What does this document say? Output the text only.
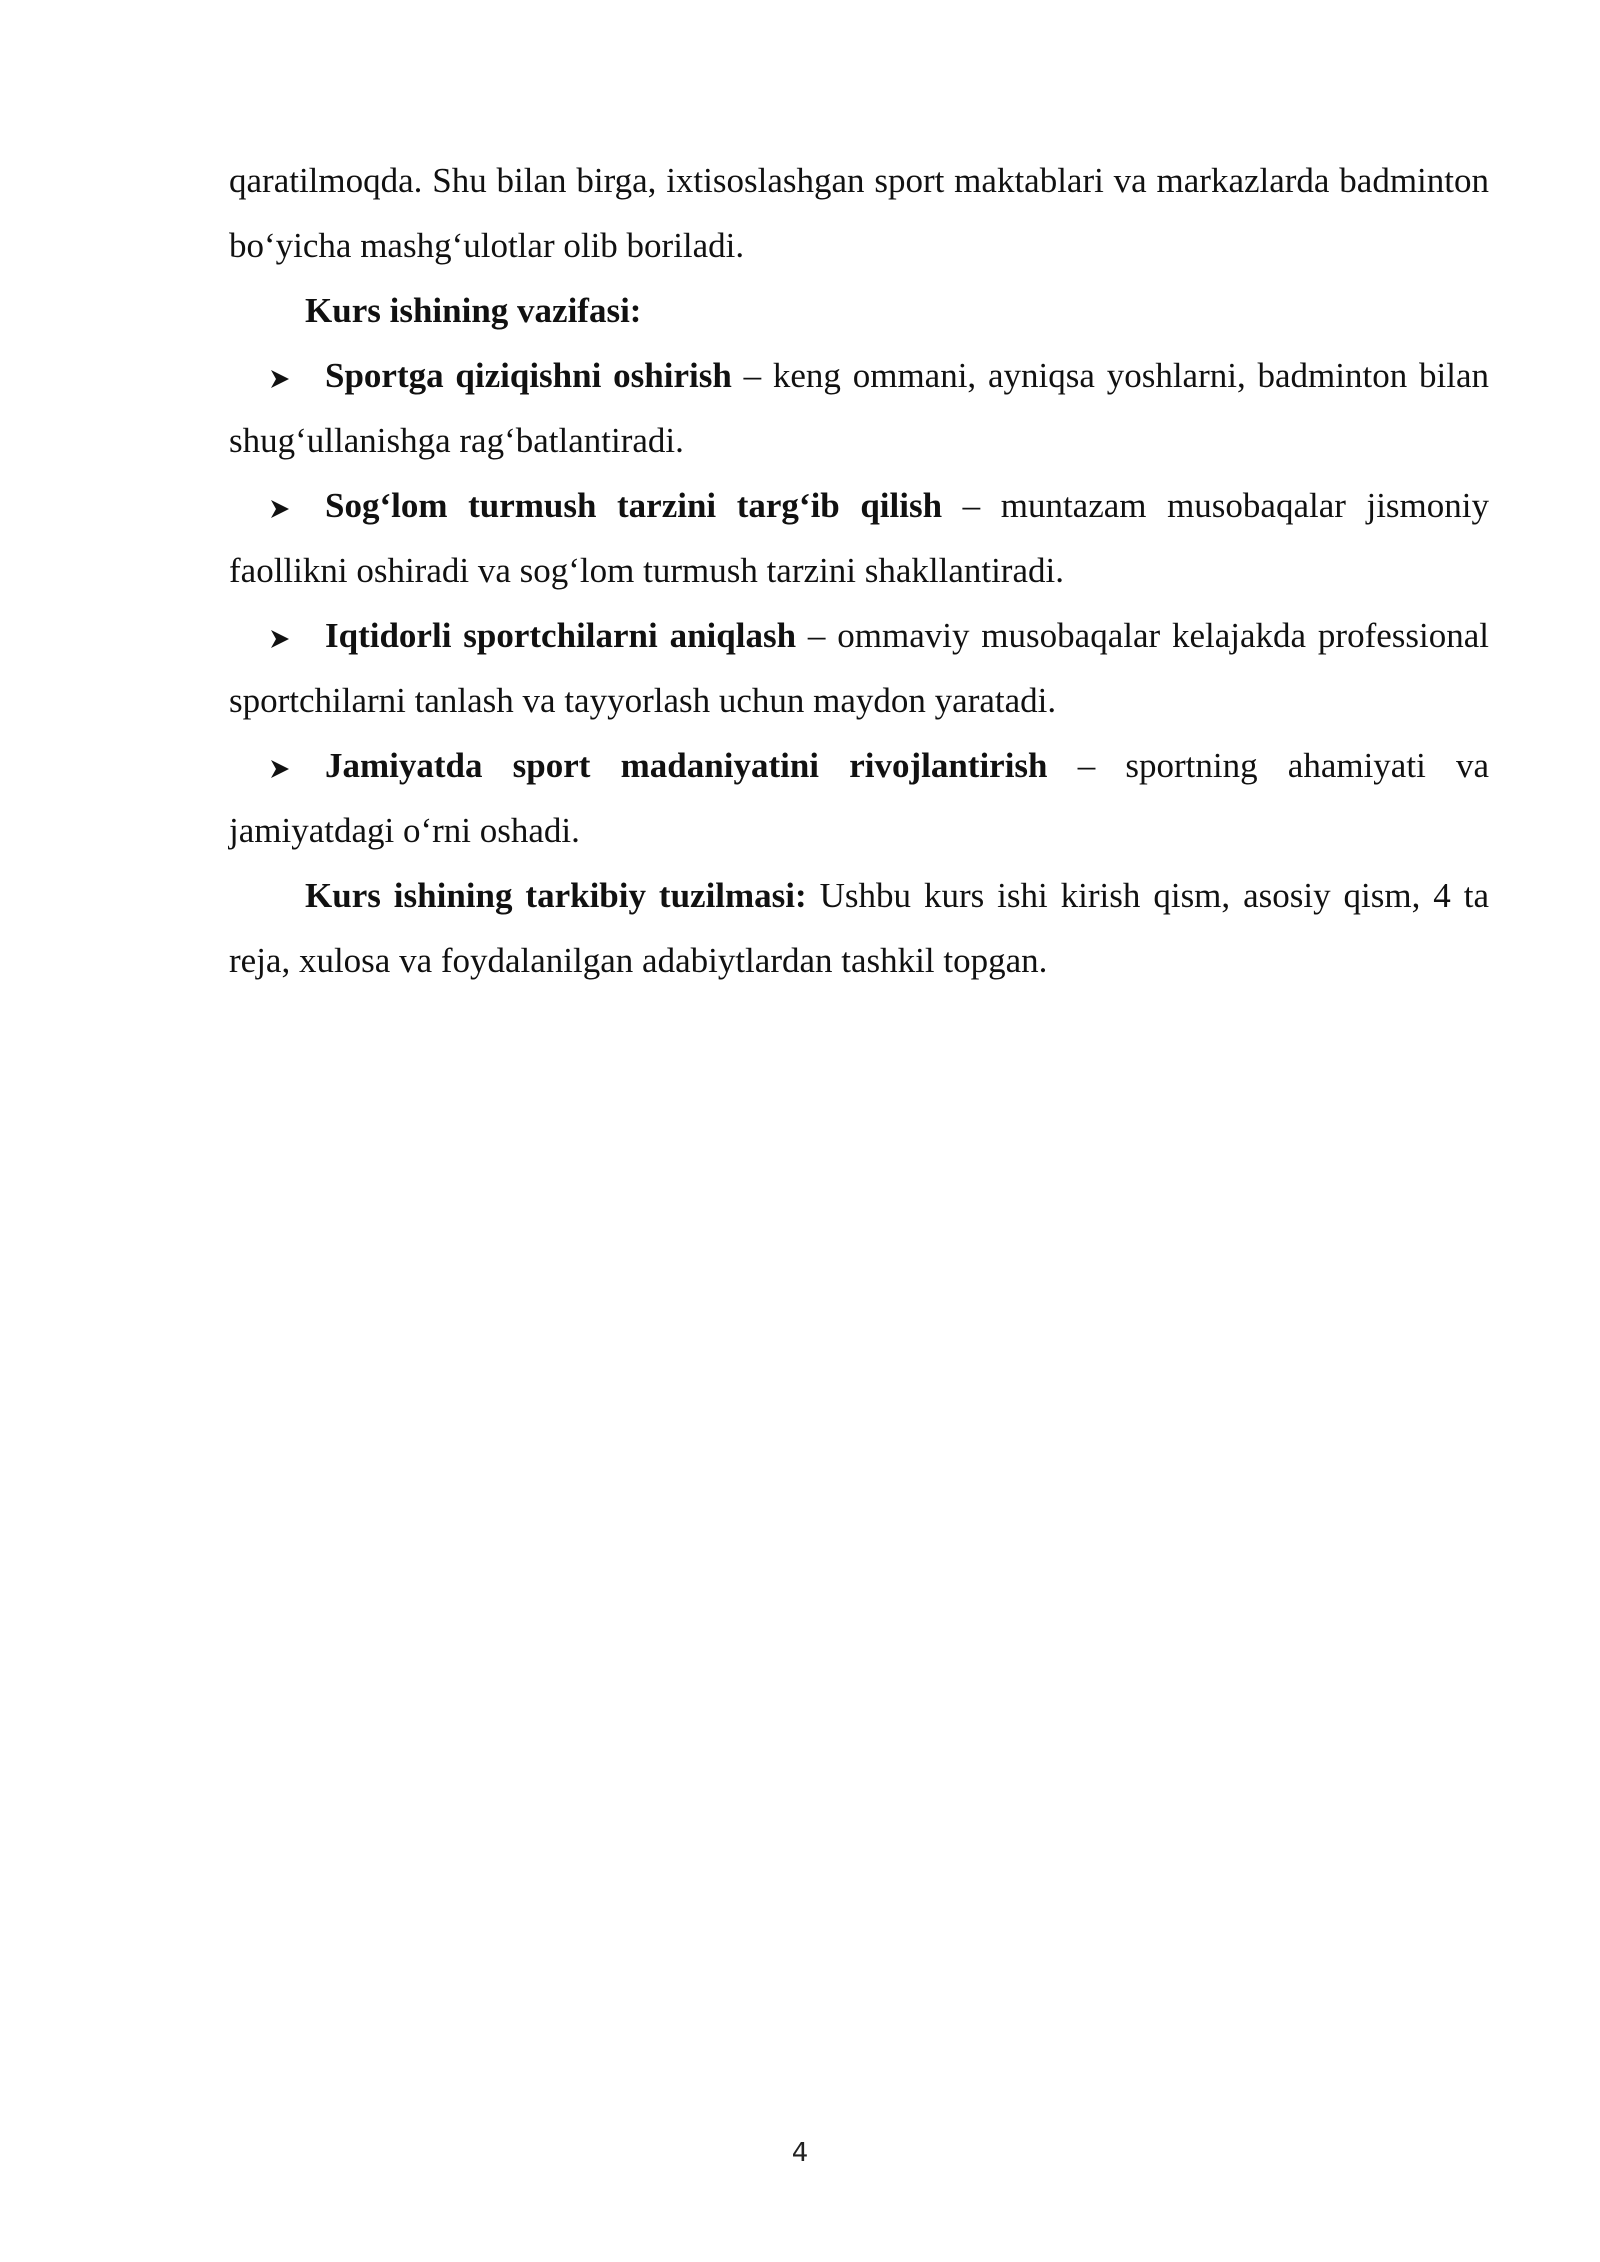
qaratilmoqda. Shu bilan birga, ixtisoslashgan sport maktablari va markazlarda badminton bo‘yicha mashg‘ulotlar olib boriladi.

Kurs ishining vazifasi:

Sportga qiziqishni oshirish – keng ommani, ayniqsa yoshlarni, badminton bilan shug‘ullanishga rag‘batlantiradi.

Sog‘lom turmush tarzini targ‘ib qilish – muntazam musobaqalar jismoniy faollikni oshiradi va sog‘lom turmush tarzini shakllantiradi.

Iqtidorli sportchilarni aniqlash – ommaviy musobaqalar kelajakda professional sportchilarni tanlash va tayyorlash uchun maydon yaratadi.

Jamiyatda sport madaniyatini rivojlantirish – sportning ahamiyati va jamiyatdagi o‘rni oshadi.

Kurs ishining tarkibiy tuzilmasi: Ushbu kurs ishi kirish qism, asosiy qism, 4 ta reja, xulosa va foydalanilgan adabiytlardan tashkil topgan.

4
